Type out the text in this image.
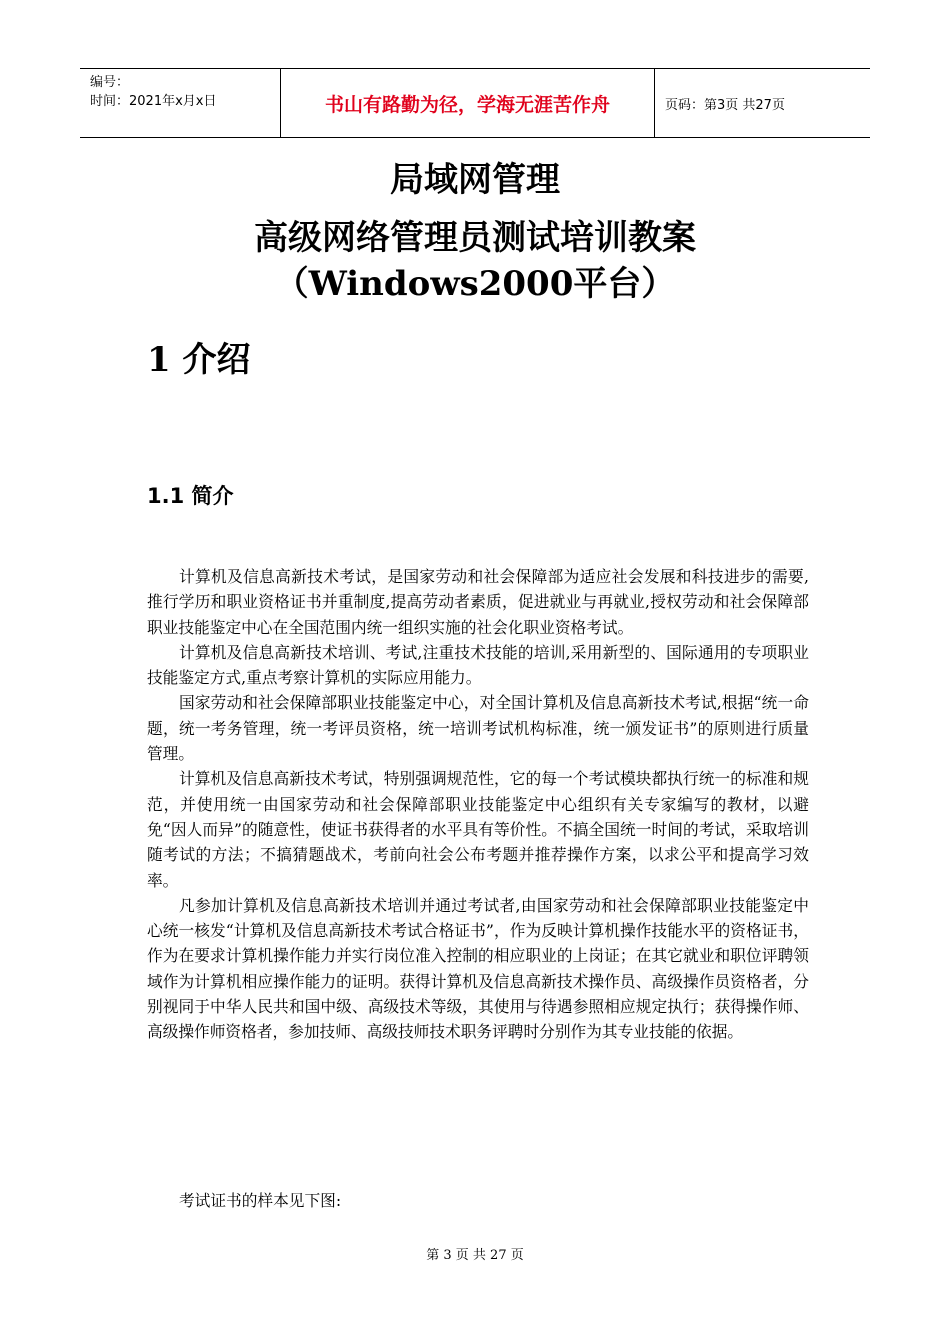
编号：
时间：2021年x月x日	书山有路勤为径，学海无涯苦作舟	页码：第3页 共27页
局域网管理
高级网络管理员测试培训教案
（Windows2000平台）
1 介绍
1.1 简介

计算机及信息高新技术考试，是国家劳动和社会保障部为适应社会发展和科技进步的需要,推行学历和职业资格证书并重制度,提高劳动者素质，促进就业与再就业,授权劳动和社会保障部职业技能鉴定中心在全国范围内统一组织实施的社会化职业资格考试。

计算机及信息高新技术培训、考试,注重技术技能的培训,采用新型的、国际通用的专项职业技能鉴定方式,重点考察计算机的实际应用能力。

国家劳动和社会保障部职业技能鉴定中心，对全国计算机及信息高新技术考试,根据“统一命题，统一考务管理，统一考评员资格，统一培训考试机构标准，统一颁发证书”的原则进行质量管理。

计算机及信息高新技术考试，特别强调规范性，它的每一个考试模块都执行统一的标准和规范，并使用统一由国家劳动和社会保障部职业技能鉴定中心组织有关专家编写的教材，以避免“因人而异”的随意性，使证书获得者的水平具有等价性。不搞全国统一时间的考试，采取培训随考试的方法；不搞猜题战术，考前向社会公布考题并推荐操作方案，以求公平和提高学习效率。

凡参加计算机及信息高新技术培训并通过考试者,由国家劳动和社会保障部职业技能鉴定中心统一核发“计算机及信息高新技术考试合格证书”，作为反映计算机操作技能水平的资格证书，作为在要求计算机操作能力并实行岗位准入控制的相应职业的上岗证；在其它就业和职位评聘领域作为计算机相应操作能力的证明。获得计算机及信息高新技术操作员、高级操作员资格者，分别视同于中华人民共和国中级、高级技术等级，其使用与待遇参照相应规定执行；获得操作师、高级操作师资格者，参加技师、高级技师技术职务评聘时分别作为其专业技能的依据。

考试证书的样本见下图:
第 3 页 共 27 页
